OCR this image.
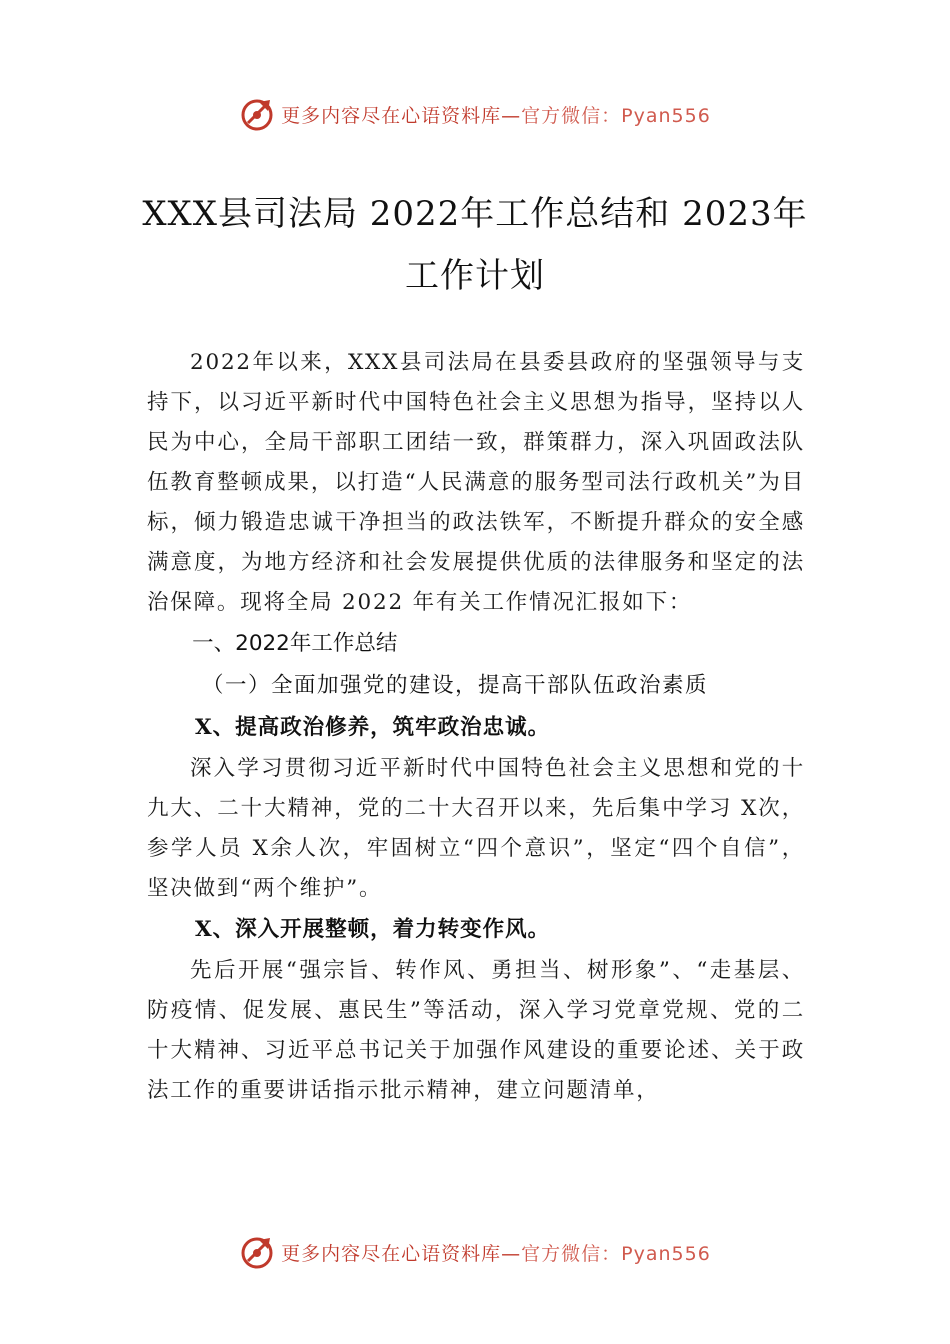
更多内容尽在心语资料库— 官方微信：Pyan556
XXX县司法局 2022年工作总结和 2023年
工作计划

2022年以来，XXX县司法局在县委县政府的坚强领导与支持下，以习近平新时代中国特色社会主义思想为指导，坚持以人民为中心，全局干部职工团结一致，群策群力，深入巩固政法队伍教育整顿成果，以打造“人民满意的服务型司法行政机关”为目标，倾力锻造忠诚干净担当的政法铁军，不断提升群众的安全感满意度，为地方经济和社会发展提供优质的法律服务和坚定的法治保障。现将全局 2022 年有关工作情况汇报如下：

一、2022年工作总结

（一）全面加强党的建设，提高干部队伍政治素质

X、提高政治修养，筑牢政治忠诚。

深入学习贯彻习近平新时代中国特色社会主义思想和党的十九大、二十大精神，党的二十大召开以来，先后集中学习 X次，参学人员 X余人次，牢固树立“四个意识”，坚定“四个自信”，坚决做到“两个维护”。

X、深入开展整顿，着力转变作风。

先后开展“强宗旨、转作风、勇担当、树形象”、“走基层、防疫情、促发展、惠民生”等活动，深入学习党章党规、党的二十大精神、习近平总书记关于加强作风建设的重要论述、关于政法工作的重要讲话指示批示精神，建立问题清单，

更多内容尽在心语资料库— 官方微信：Pyan556
